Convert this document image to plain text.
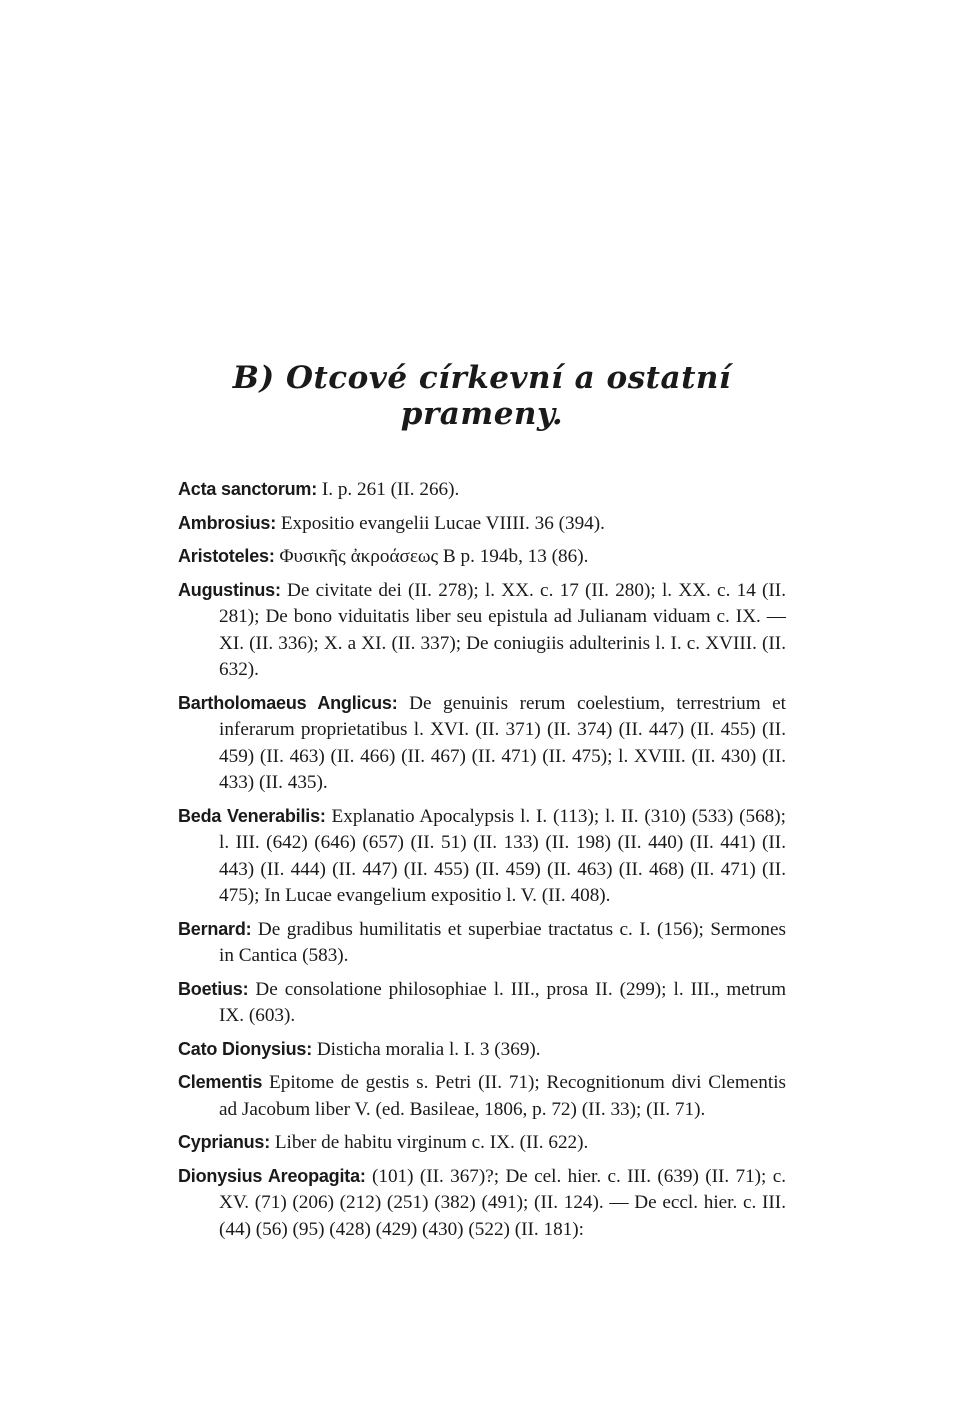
B) Otcové církevní a ostatní prameny.

Acta sanctorum: I. p. 261 (II. 266).

Ambrosius: Expositio evangelii Lucae VIIII. 36 (394).

Aristoteles: Φυσικῆς ἀκροάσεως B p. 194b, 13 (86).

Augustinus: De civitate dei (II. 278); l. XX. c. 17 (II. 280); l. XX. c. 14 (II. 281); De bono viduitatis liber seu epistula ad Julianam viduam c. IX. — XI. (II. 336); X. a XI. (II. 337); De coniugiis adulterinis l. I. c. XVIII. (II. 632).

Bartholomaeus Anglicus: De genuinis rerum coelestium, terrestrium et inferarum proprietatibus l. XVI. (II. 371) (II. 374) (II. 447) (II. 455) (II. 459) (II. 463) (II. 466) (II. 467) (II. 471) (II. 475); l. XVIII. (II. 430) (II. 433) (II. 435).

Beda Venerabilis: Explanatio Apocalypsis l. I. (113); l. II. (310) (533) (568); l. III. (642) (646) (657) (II. 51) (II. 133) (II. 198) (II. 440) (II. 441) (II. 443) (II. 444) (II. 447) (II. 455) (II. 459) (II. 463) (II. 468) (II. 471) (II. 475); In Lucae evangelium expositio l. V. (II. 408).

Bernard: De gradibus humilitatis et superbiae tractatus c. I. (156); Sermones in Cantica (583).

Boetius: De consolatione philosophiae l. III., prosa II. (299); l. III., metrum IX. (603).

Cato Dionysius: Disticha moralia l. I. 3 (369).

Clementis Epitome de gestis s. Petri (II. 71); Recognitionum divi Clementis ad Jacobum liber V. (ed. Basileae, 1806, p. 72) (II. 33); (II. 71).

Cyprianus: Liber de habitu virginum c. IX. (II. 622).

Dionysius Areopagita: (101) (II. 367)?; De cel. hier. c. III. (639) (II. 71); c. XV. (71) (206) (212) (251) (382) (491); (II. 124). — De eccl. hier. c. III. (44) (56) (95) (428) (429) (430) (522) (II. 181):
